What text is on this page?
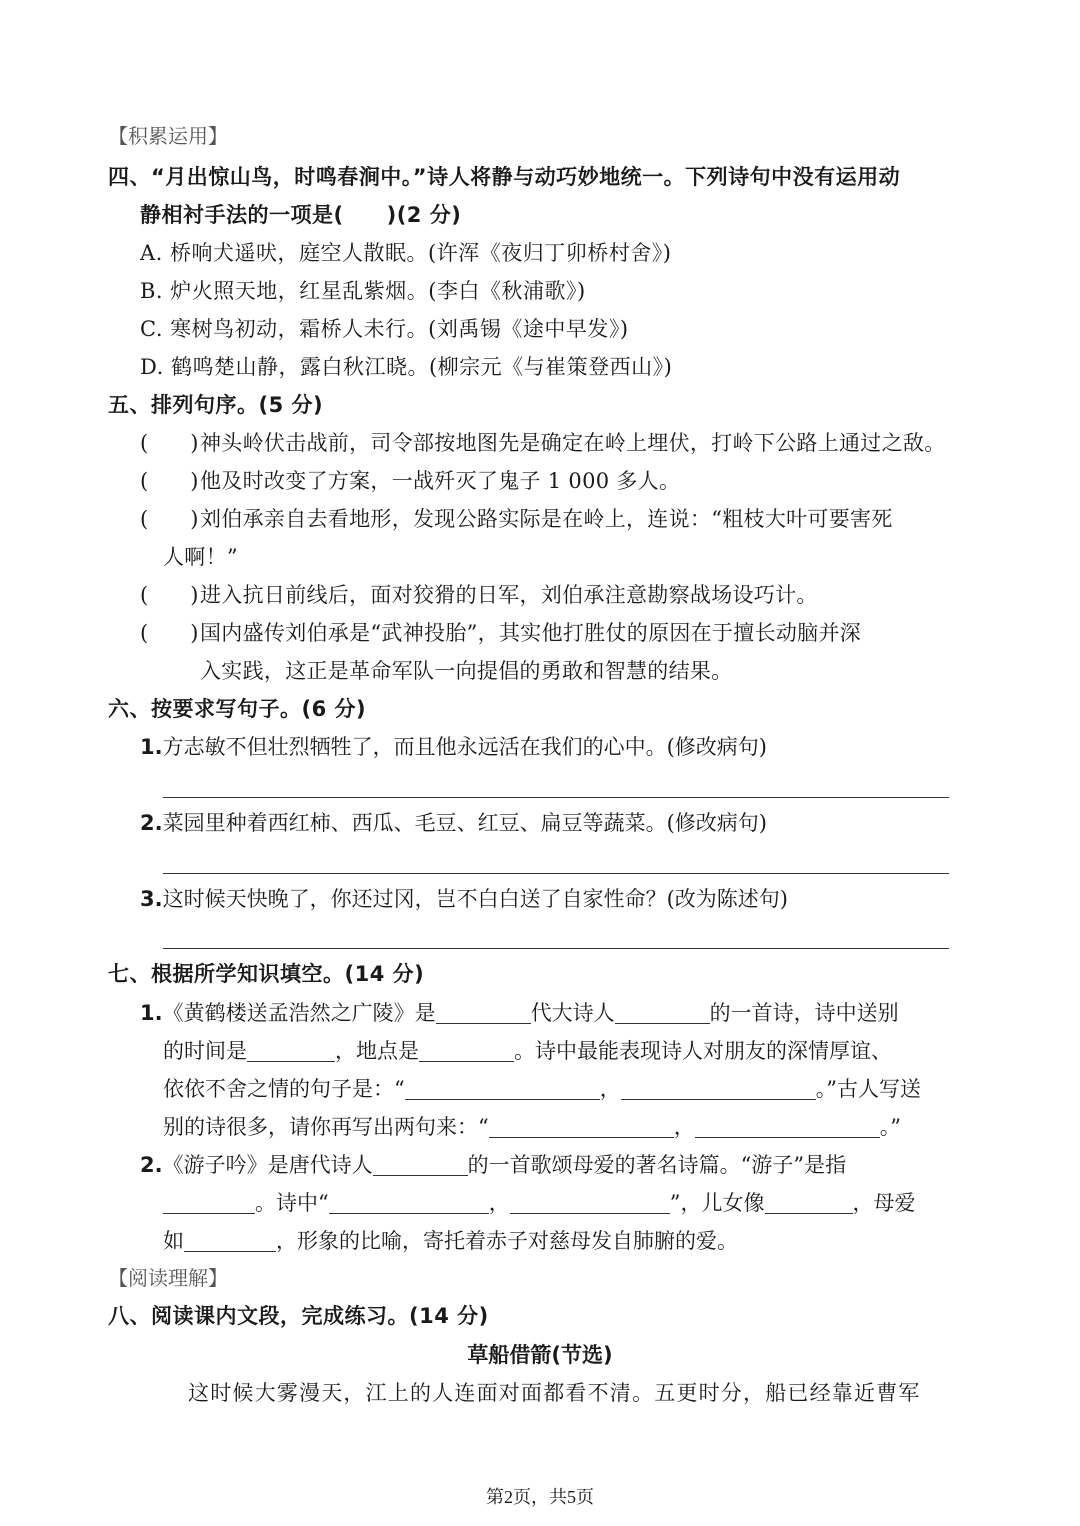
【积累运用】
四、“月出惊山鸟，时鸣春涧中。”诗人将静与动巧妙地统一。下列诗句中没有运用动
静相衬手法的一项是(　　)(2 分)
A. 桥响犬遥吠，庭空人散眠。(许浑《夜归丁卯桥村舍》)
B. 炉火照天地，红星乱紫烟。(李白《秋浦歌》)
C. 寒树鸟初动，霜桥人未行。(刘禹锡《途中早发》)
D. 鹤鸣楚山静，露白秋江晓。(柳宗元《与崔策登西山》)
五、排列句序。(5 分)
(　　) 神头岭伏击战前，司令部按地图先是确定在岭上埋伏，打岭下公路上通过之敌。
(　　) 他及时改变了方案，一战歼灭了鬼子 1 000 多人。
(　　) 刘伯承亲自去看地形，发现公路实际是在岭上，连说：“粗枝大叶可要害死
人啊！”
(　　) 进入抗日前线后，面对狡猾的日军，刘伯承注意勘察战场设巧计。
(　　) 国内盛传刘伯承是“武神投胎”，其实他打胜仗的原因在于擅长动脑并深
入实践，这正是革命军队一向提倡的勇敢和智慧的结果。
六、按要求写句子。(6 分)
1.方志敏不但壮烈牺牲了，而且他永远活在我们的心中。(修改病句)
2.菜园里种着西红柿、西瓜、毛豆、红豆、扁豆等蔬菜。(修改病句)
3.这时候天快晚了，你还过冈，岂不白白送了自家性命？(改为陈述句)
七、根据所学知识填空。(14 分)
1.《黄鹤楼送孟浩然之广陵》是	代大诗人	的一首诗，诗中送别
的时间是	，地点是	。诗中最能表现诗人对朋友的深情厚谊、
依依不舍之情的句子是：“	，	。”古人写送
别的诗很多，请你再写出两句来：“	，	。”
2.《游子吟》是唐代诗人	的一首歌颂母爱的著名诗篇。“游子”是指
。诗中“	，	”，儿女像	，母爱
如	，形象的比喻，寄托着赤子对慈母发自肺腑的爱。
【阅读理解】
八、阅读课内文段，完成练习。(14 分)
草船借箭(节选)
这时候大雾漫天，江上的人连面对面都看不清。五更时分，船已经靠近曹军
第2页，共5页
